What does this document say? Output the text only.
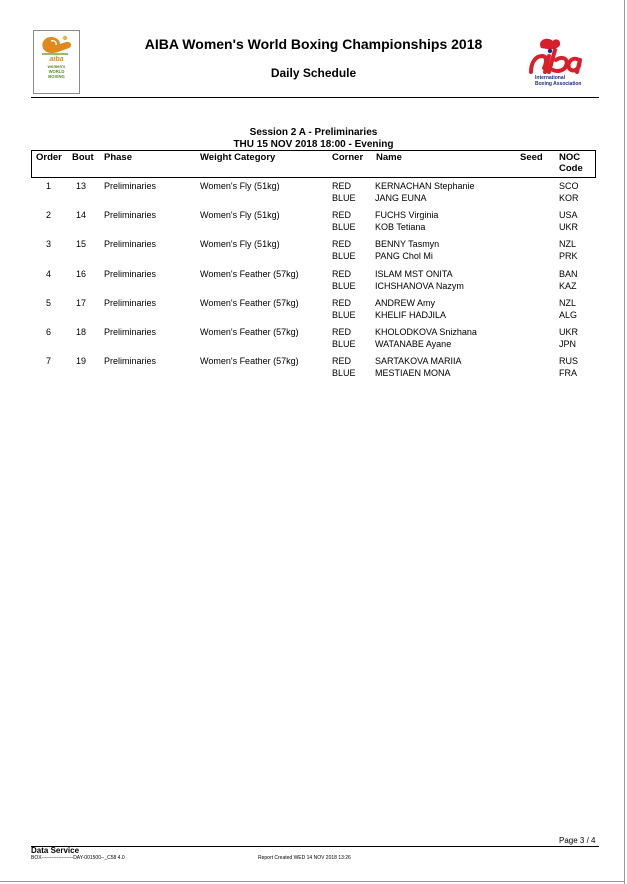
aiba
women's
WORLD
BOXING
AIBA Women's World Boxing Championships 2018
Daily Schedule	International
Boxing Association
Session 2 A - Preliminaries
THU 15 NOV 2018 18:00 - Evening
Order Bout Phase	Weight Category	Corner Name	Seed NOC
Code
1	13 Preliminaries	Women's Fly (51kg)	RED	KERNACHAN Stephanie	SCO
BLUE JANG EUNA	KOR
2	14 Preliminaries	Women's Fly (51kg)	RED	FUCHS Virginia	USA
BLUE KOB Tetiana	UKR
3	15 Preliminaries	Women's Fly (51kg)	RED	BENNY Tasmyn	NZL
BLUE PANG Chol Mi	PRK
4	16 Preliminaries	Women's Feather (57kg)	RED	ISLAM MST ONITA	BAN
BLUE ICHSHANOVA Nazym	KAZ
5	17 Preliminaries	Women's Feather (57kg)	RED	ANDREW Amy	NZL
BLUE KHELIF HADJILA	ALG
6	18 Preliminaries	Women's Feather (57kg)	RED	KHOLODKOVA Snizhana	UKR
BLUE WATANABE Ayane	JPN
7	19 Preliminaries	Women's Feather (57kg)	RED	SARTAKOVA MARIIA	RUS
BLUE MESTIAEN MONA	FRA
Page 3 / 4
Data Service
BOX-------------------DAY-001500--_C58 4.0	Report Created WED 14 NOV 2018 13:26
